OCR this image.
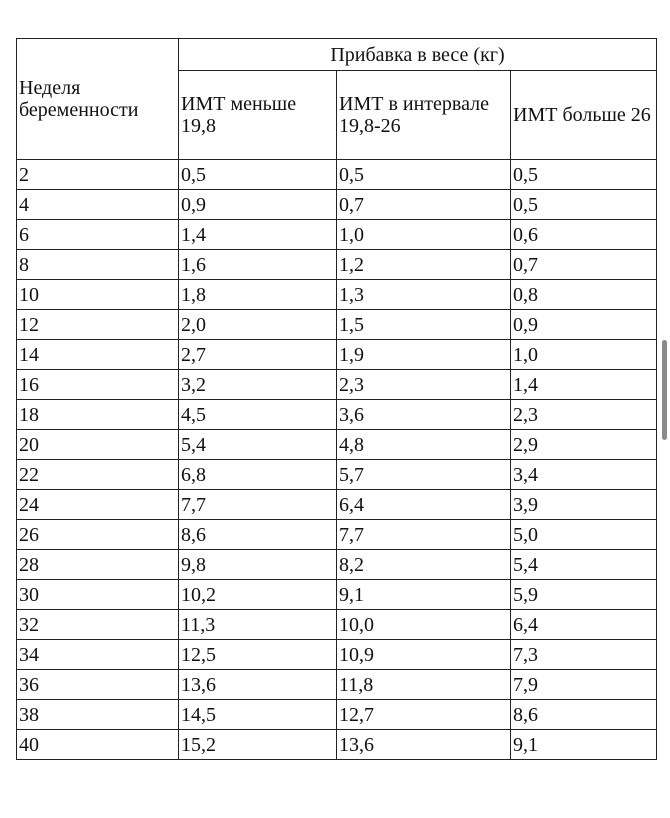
Неделя беременности	Прибавка в весе (кг)		
	ИМТ меньше 19,8	ИМТ в интервале 19,8-26	ИМТ больше 26
2	0,5	0,5	0,5
4	0,9	0,7	0,5
6	1,4	1,0	0,6
8	1,6	1,2	0,7
10	1,8	1,3	0,8
12	2,0	1,5	0,9
14	2,7	1,9	1,0
16	3,2	2,3	1,4
18	4,5	3,6	2,3
20	5,4	4,8	2,9
22	6,8	5,7	3,4
24	7,7	6,4	3,9
26	8,6	7,7	5,0
28	9,8	8,2	5,4
30	10,2	9,1	5,9
32	11,3	10,0	6,4
34	12,5	10,9	7,3
36	13,6	11,8	7,9
38	14,5	12,7	8,6
40	15,2	13,6	9,1
